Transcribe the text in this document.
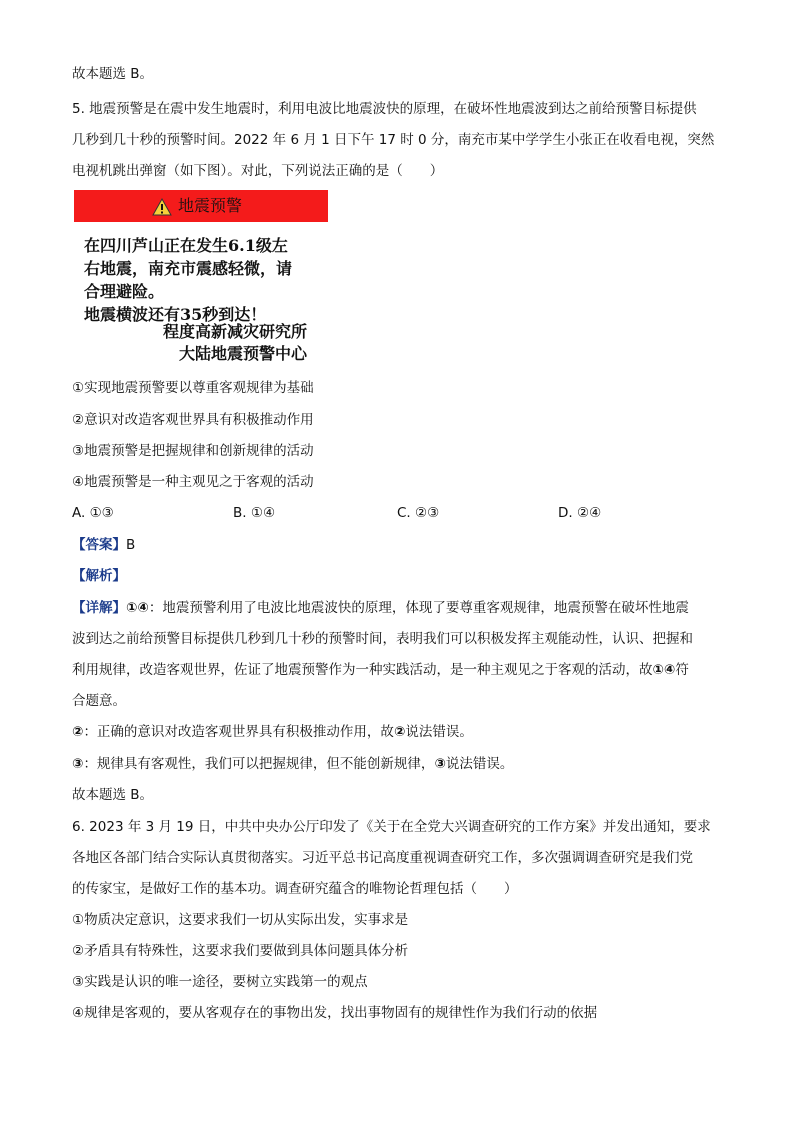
故本题选 B。
5. 地震预警是在震中发生地震时，利用电波比地震波快的原理，在破坏性地震波到达之前给预警目标提供
几秒到几十秒的预警时间。2022 年 6 月 1 日下午 17 时 0 分，南充市某中学学生小张正在收看电视，突然
电视机跳出弹窗（如下图）。对此，下列说法正确的是（　　）
地震预警
在四川芦山正在发生6.1级左
右地震，南充市震感轻微，请
合理避险。
地震横波还有35秒到达！
程度高新减灾研究所
大陆地震预警中心
①实现地震预警要以尊重客观规律为基础
②意识对改造客观世界具有积极推动作用
③地震预警是把握规律和创新规律的活动
④地震预警是一种主观见之于客观的活动
A. ①③	B. ①④	C. ②③	D. ②④
【答案】B
【解析】
【详解】①④：地震预警利用了电波比地震波快的原理，体现了要尊重客观规律，地震预警在破坏性地震
波到达之前给预警目标提供几秒到几十秒的预警时间，表明我们可以积极发挥主观能动性，认识、把握和
利用规律，改造客观世界，佐证了地震预警作为一种实践活动，是一种主观见之于客观的活动，故①④符
合题意。
②：正确的意识对改造客观世界具有积极推动作用，故②说法错误。
③：规律具有客观性，我们可以把握规律，但不能创新规律，③说法错误。
故本题选 B。
6. 2023 年 3 月 19 日，中共中央办公厅印发了《关于在全党大兴调查研究的工作方案》并发出通知，要求
各地区各部门结合实际认真贯彻落实。习近平总书记高度重视调查研究工作，多次强调调查研究是我们党
的传家宝，是做好工作的基本功。调查研究蕴含的唯物论哲理包括（　　）
①物质决定意识，这要求我们一切从实际出发，实事求是
②矛盾具有特殊性，这要求我们要做到具体问题具体分析
③实践是认识的唯一途径，要树立实践第一的观点
④规律是客观的，要从客观存在的事物出发，找出事物固有的规律性作为我们行动的依据
